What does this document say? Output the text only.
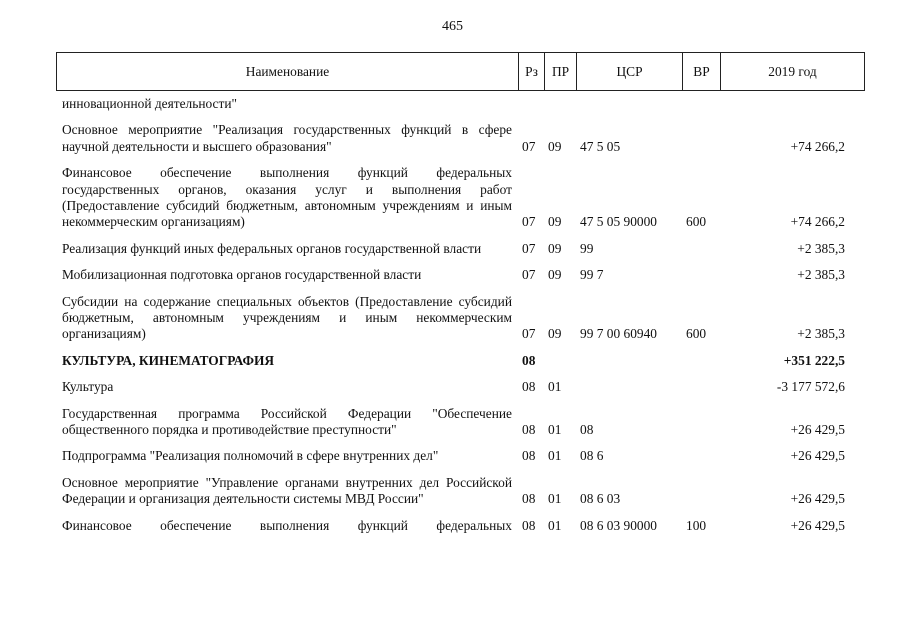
465
Наименование	Рз	ПР	ЦСР	ВР	2019 год
инновационной деятельности"					
Основное мероприятие "Реализация государственных функций в сфере научной деятельности и высшего образования"	07	09	47 5 05		+74 266,2
Финансовое обеспечение выполнения функций федеральных государственных органов, оказания услуг и выполнения работ (Предоставление субсидий бюджетным, автономным учреждениям и иным некоммерческим организациям)	07	09	47 5 05 90000	600	+74 266,2
Реализация функций иных федеральных органов государственной власти	07	09	99		+2 385,3
Мобилизационная подготовка органов государственной власти	07	09	99 7		+2 385,3
Субсидии на содержание специальных объектов (Предоставление субсидий бюджетным, автономным учреждениям и иным некоммерческим организациям)	07	09	99 7 00 60940	600	+2 385,3
КУЛЬТУРА, КИНЕМАТОГРАФИЯ	08				+351 222,5
Культура	08	01			-3 177 572,6
Государственная программа Российской Федерации "Обеспечение общественного порядка и противодействие преступности"	08	01	08		+26 429,5
Подпрограмма "Реализация полномочий в сфере внутренних дел"	08	01	08 6		+26 429,5
Основное мероприятие "Управление органами внутренних дел Российской Федерации и организация деятельности системы МВД России"	08	01	08 6 03		+26 429,5
Финансовое обеспечение выполнения функций федеральных	08	01	08 6 03 90000	100	+26 429,5
